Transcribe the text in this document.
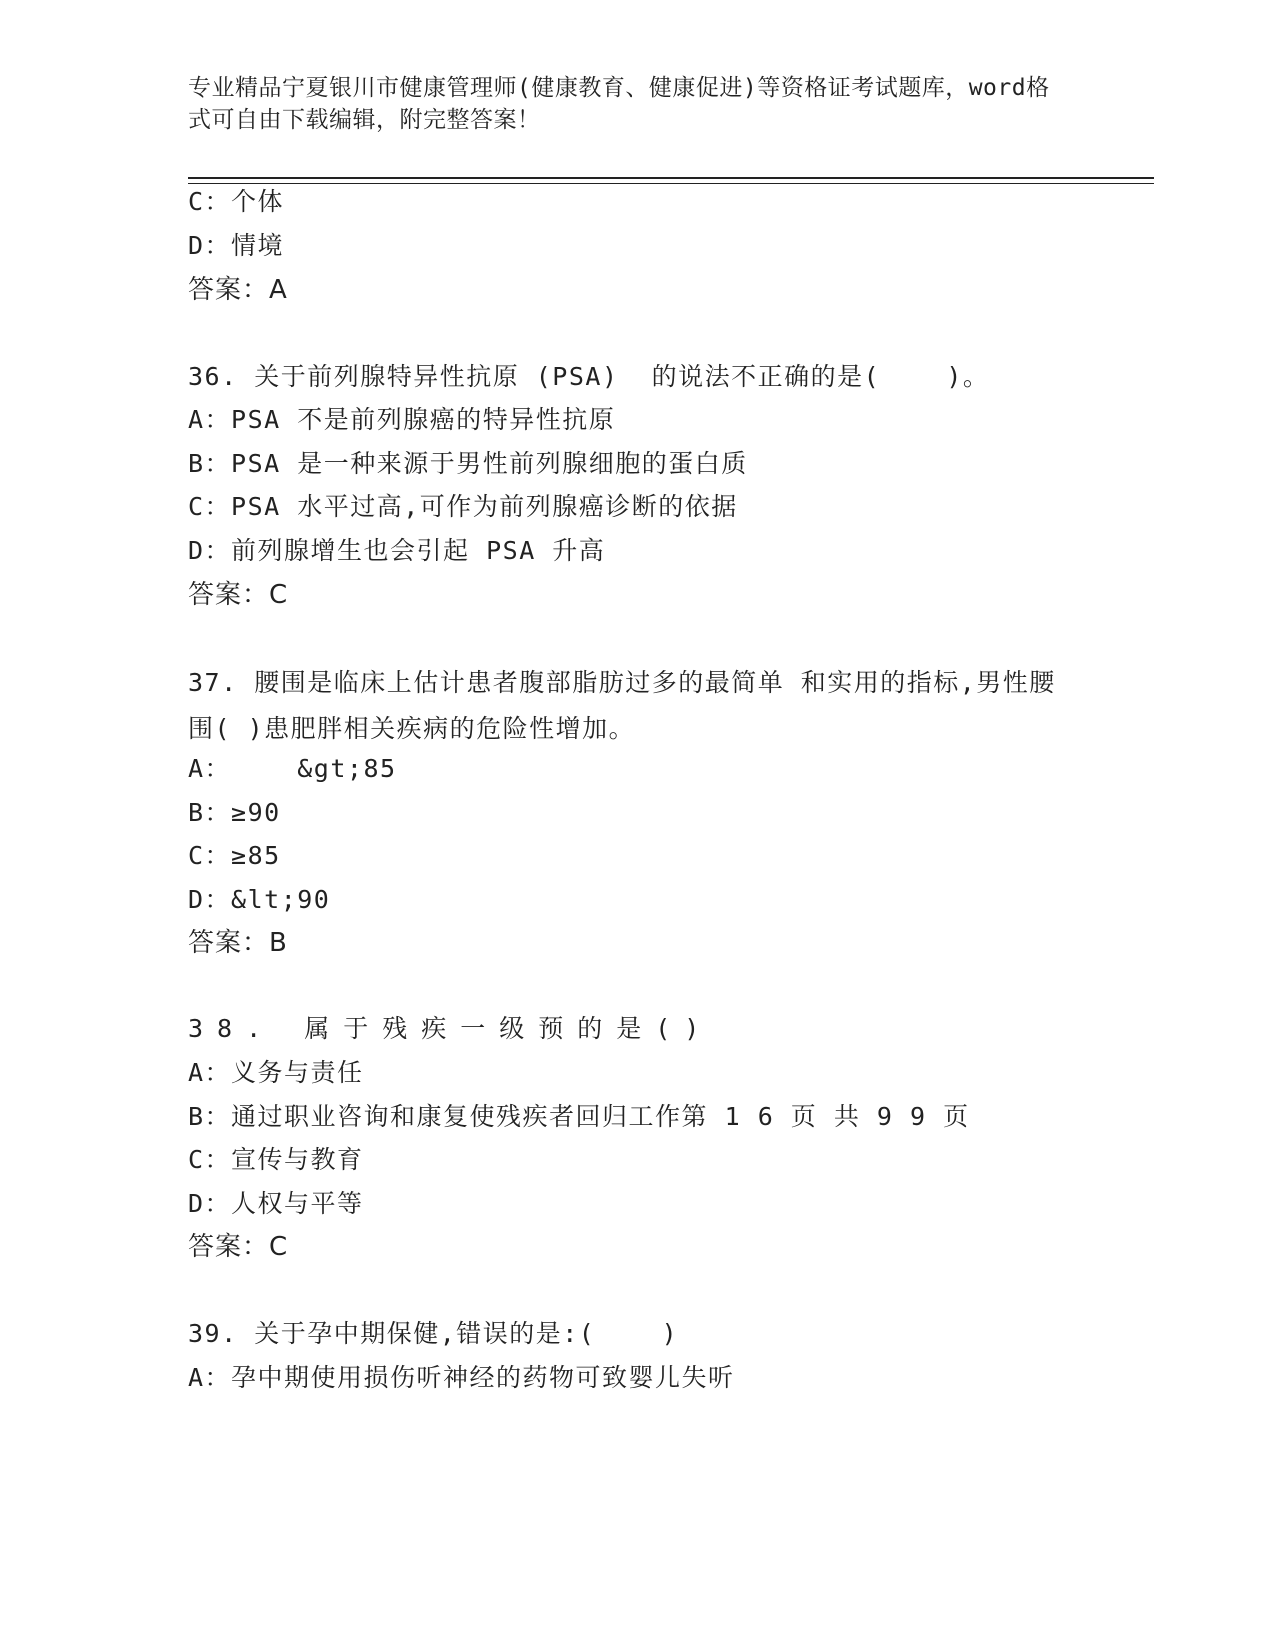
专业精品宁夏银川市健康管理师(健康教育、健康促进)等资格证考试题库，word格式可自由下载编辑，附完整答案！
C：个体
D：情境
答案：A
36. 关于前列腺特异性抗原 (PSA)  的说法不正确的是(    )。
A：PSA 不是前列腺癌的特异性抗原
B：PSA 是一种来源于男性前列腺细胞的蛋白质
C：PSA 水平过高,可作为前列腺癌诊断的依据
D：前列腺增生也会引起 PSA 升高
答案：C
37. 腰围是临床上估计患者腹部脂肪过多的最简单 和实用的指标,男性腰围( )患肥胖相关疾病的危险性增加。
A：    &gt;85
B：≥90
C：≥85
D：&lt;90
答案：B
38. 属于残疾一级预的是()
A：义务与责任
B：通过职业咨询和康复使残疾者回归工作第 1 6 页 共 9 9 页
C：宣传与教育
D：人权与平等
答案：C
39. 关于孕中期保健,错误的是:(    )
A：孕中期使用损伤听神经的药物可致婴儿失听
